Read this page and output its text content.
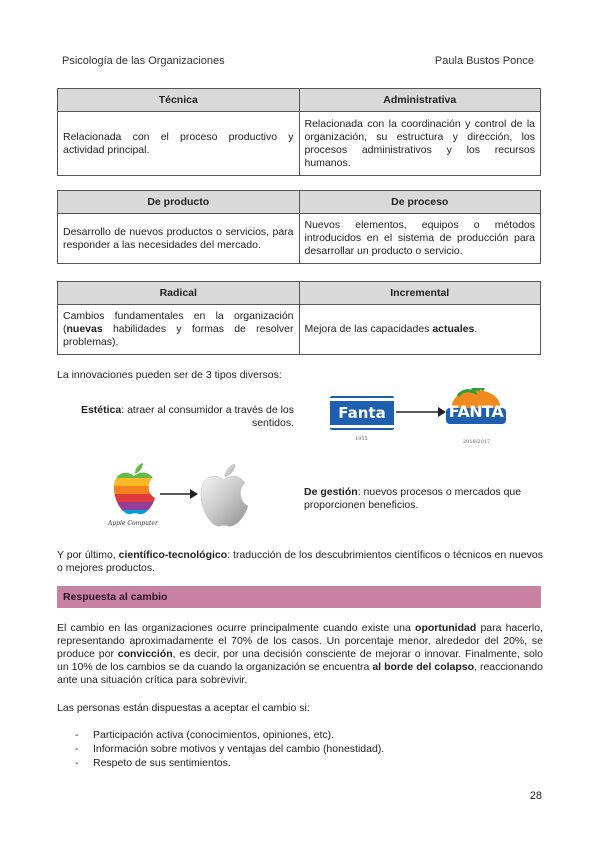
Psicología de las Organizaciones	Paula Bustos Ponce
Técnica	Administrativa
Relacionada con el proceso productivo y actividad principal.	Relacionada con la coordinación y control de la organización, su estructura y dirección, los procesos administrativos y los recursos humanos.
De producto	De proceso
Desarrollo de nuevos productos o servicios, para responder a las necesidades del mercado.	Nuevos elementos, equipos o métodos introducidos en el sistema de producción para desarrollar un producto o servicio.
Radical	Incremental
Cambios fundamentales en la organización (nuevas habilidades y formas de resolver problemas).	Mejora de las capacidades actuales.
La innovaciones pueden ser de 3 tipos diversos:
Estética: atraer al consumidor a través de los sentidos.
Fanta
1955
FANTA
2016/2017
Apple Computer
De gestión: nuevos procesos o mercados que proporcionen beneficios.
Y por último, científico-tecnológico: traducción de los descubrimientos científicos o técnicos en nuevos o mejores productos.
Respuesta al cambio
El cambio en las organizaciones ocurre principalmente cuando existe una oportunidad para hacerlo, representando aproximadamente el 70% de los casos. Un porcentaje menor, alrededor del 20%, se produce por convicción, es decir, por una decisión consciente de mejorar o innovar. Finalmente, solo un 10% de los cambios se da cuando la organización se encuentra al borde del colapso, reaccionando ante una situación crítica para sobrevivir.
Las personas están dispuestas a aceptar el cambio si:
- Participación activa (conocimientos, opiniones, etc).
- Información sobre motivos y ventajas del cambio (honestidad).
- Respeto de sus sentimientos.
28
